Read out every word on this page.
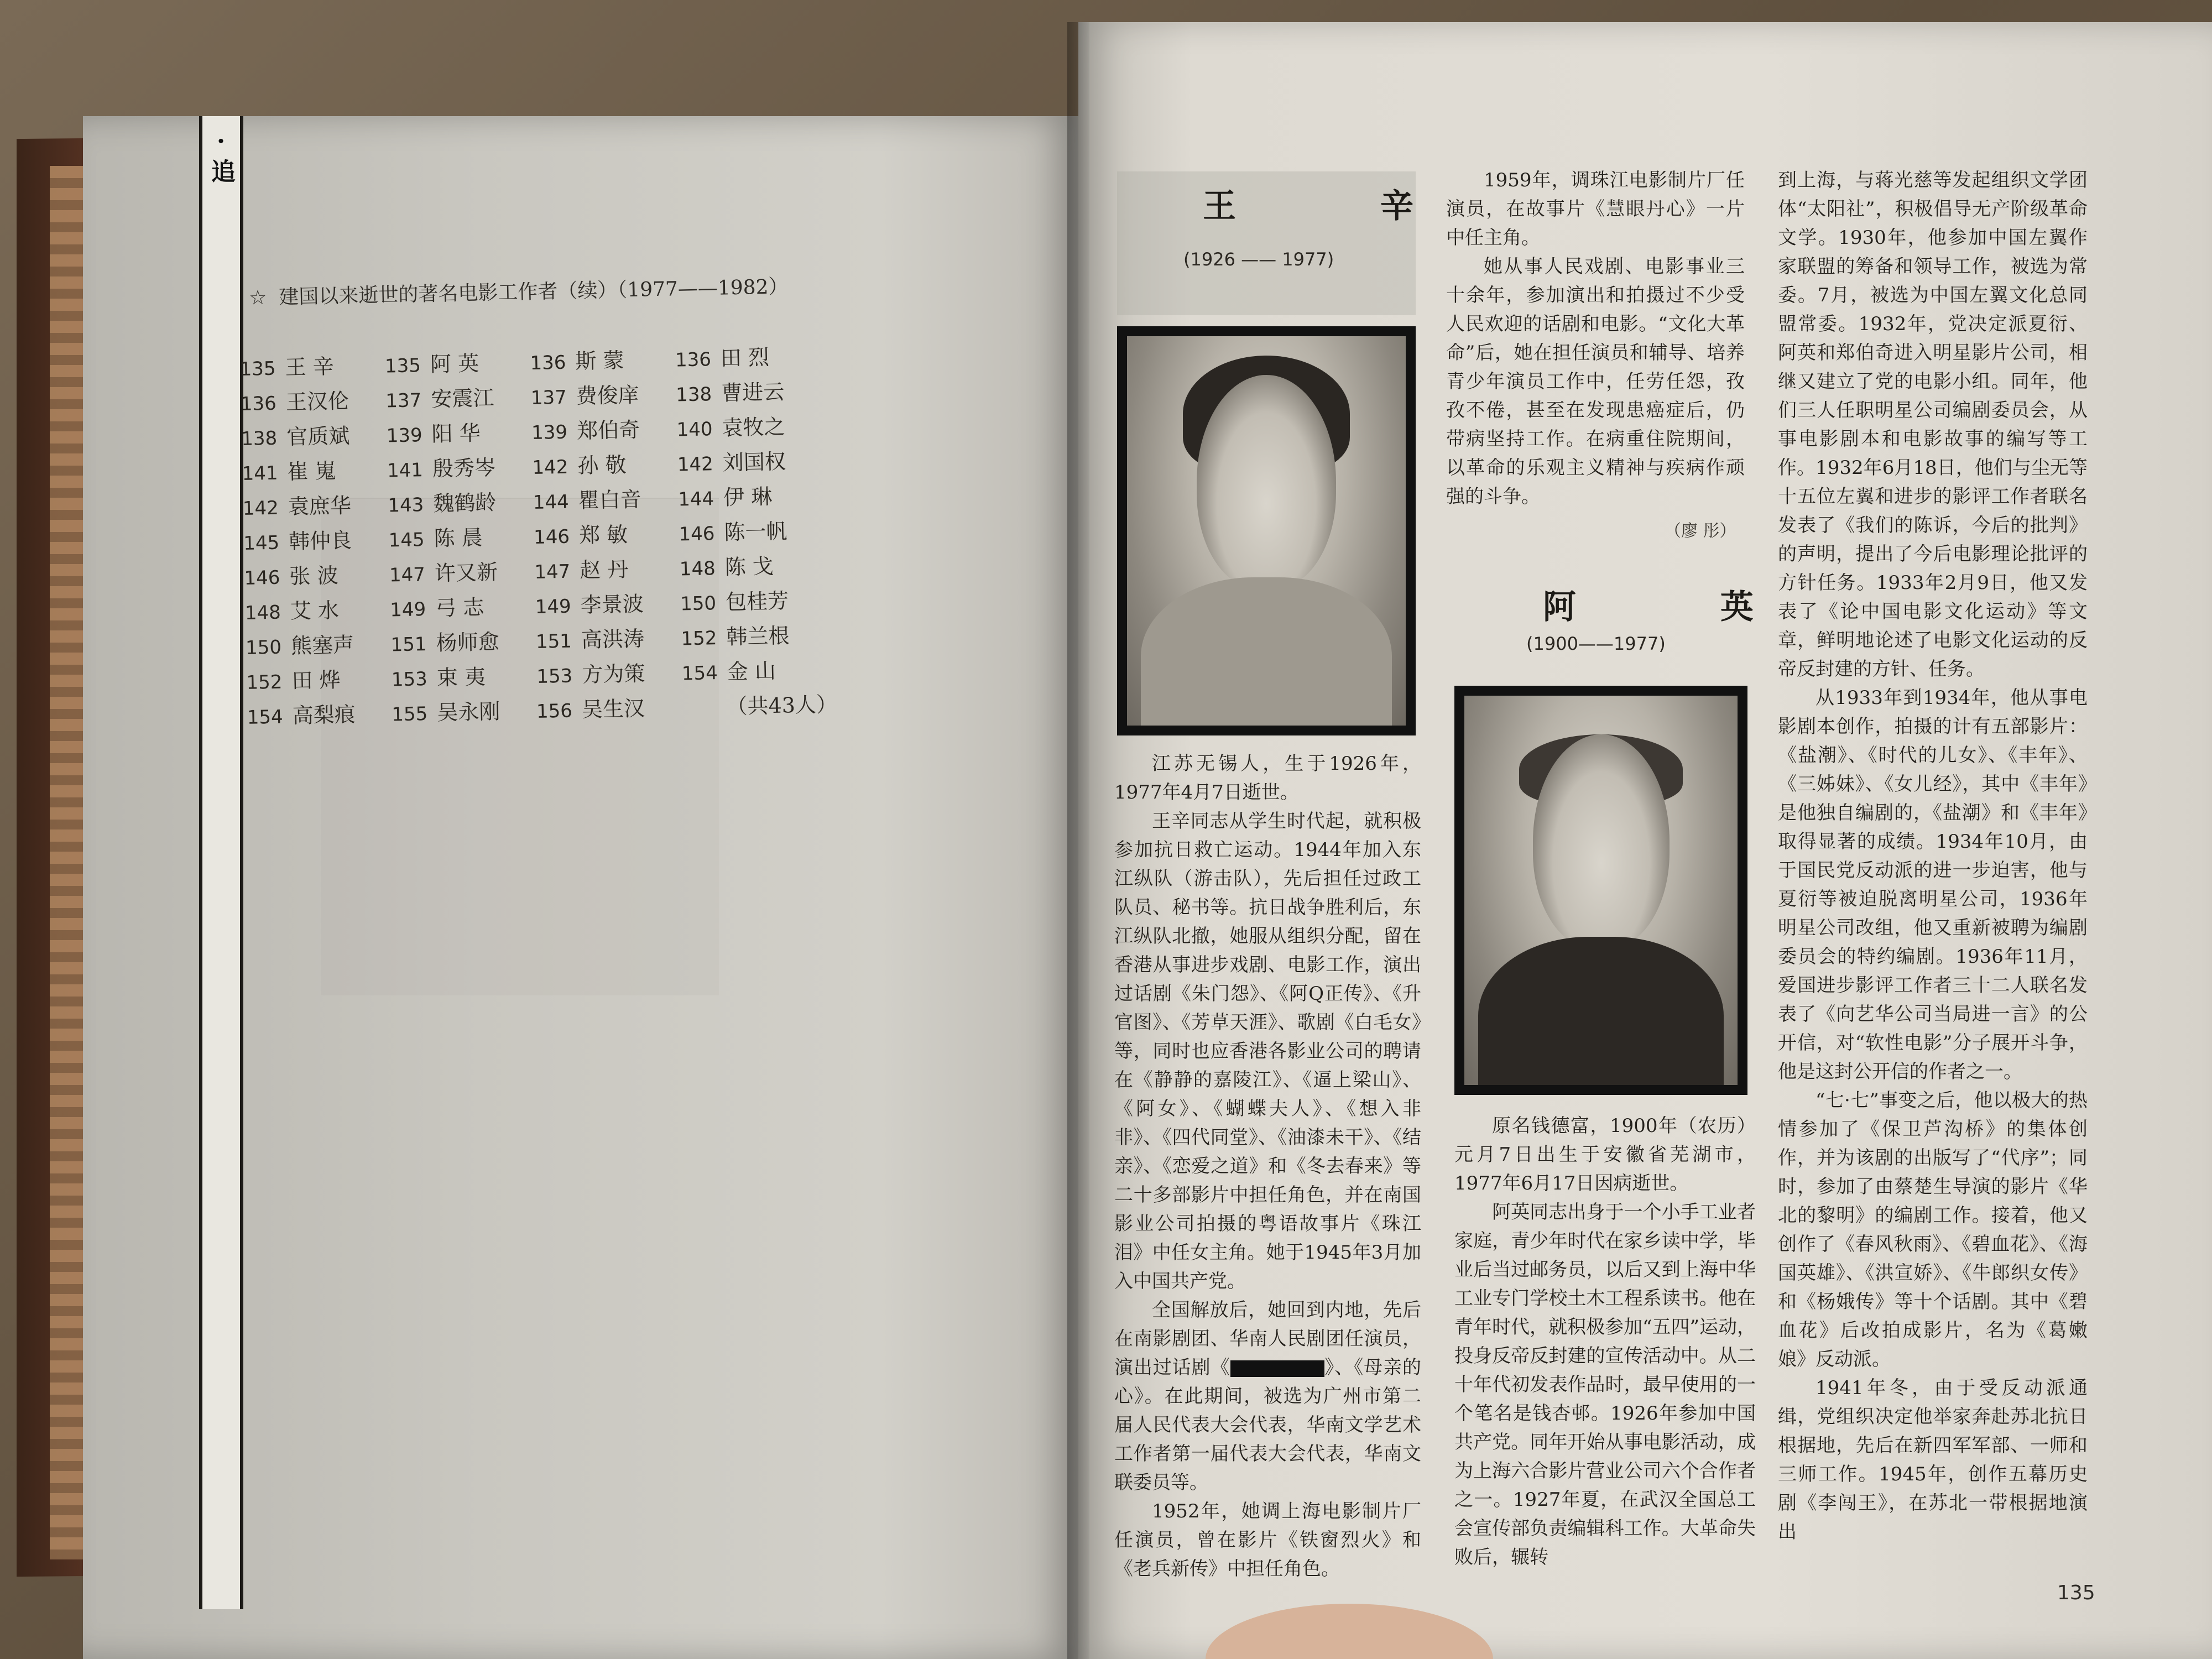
·追
☆ 建国以来逝世的著名电影工作者（续）（1977——1982）
135 王 辛	135 阿 英	136 斯 蒙	136 田 烈
136 王汉伦	137 安震江	137 费俊庠	138 曹进云
138 官质斌	139 阳 华	139 郑伯奇	140 袁牧之
141 崔 嵬	141 殷秀岑	142 孙 敬	142 刘国权
142 袁庶华	143 魏鹤龄	144 瞿白音	144 伊 琳
145 韩仲良	145 陈 晨	146 郑 敏	146 陈一帆
146 张 波	147 许又新	147 赵 丹	148 陈 戈
148 艾 水	149 弓 志	149 李景波	150 包桂芳
150 熊塞声	151 杨师愈	151 高洪涛	152 韩兰根
152 田 烨	153 束 夷	153 方为策	154 金 山
154 高梨痕	155 吴永刚	156 吴生汉	（共43人）
王 辛
(1926 —— 1977)

江苏无锡人，生于1926年，1977年4月7日逝世。

王辛同志从学生时代起，就积极参加抗日救亡运动。1944年加入东江纵队（游击队），先后担任过政工队员、秘书等。抗日战争胜利后，东江纵队北撤，她服从组织分配，留在香港从事进步戏剧、电影工作，演出过话剧《朱门怨》、《阿Q正传》、《升官图》、《芳草天涯》、歌剧《白毛女》等，同时也应香港各影业公司的聘请在《静静的嘉陵江》、《逼上梁山》、《阿女》、《蝴蝶夫人》、《想入非非》、《四代同堂》、《油漆未干》、《结亲》、《恋爱之道》和《冬去春来》等二十多部影片中担任角色，并在南国影业公司拍摄的粤语故事片《珠江泪》中任女主角。她于1945年3月加入中国共产党。

全国解放后，她回到内地，先后在南影剧团、华南人民剧团任演员，演出过话剧《	》、《母亲的心》。在此期间，被选为广州市第二届人民代表大会代表，华南文学艺术工作者第一届代表大会代表，华南文联委员等。

1952年，她调上海电影制片厂任演员，曾在影片《铁窗烈火》和《老兵新传》中担任角色。

1959年，调珠江电影制片厂任演员，在故事片《慧眼丹心》一片中任主角。

她从事人民戏剧、电影事业三十余年，参加演出和拍摄过不少受人民欢迎的话剧和电影。“文化大革命”后，她在担任演员和辅导、培养青少年演员工作中，任劳任怨，孜孜不倦，甚至在发现患癌症后，仍带病坚持工作。在病重住院期间，以革命的乐观主义精神与疾病作顽强的斗争。

（廖 彤）
阿 英
(1900——1977)

原名钱德富，1900年（农历）元月7日出生于安徽省芜湖市，1977年6月17日因病逝世。

阿英同志出身于一个小手工业者家庭，青少年时代在家乡读中学，毕业后当过邮务员，以后又到上海中华工业专门学校土木工程系读书。他在青年时代，就积极参加“五四”运动，投身反帝反封建的宣传活动中。从二十年代初发表作品时，最早使用的一个笔名是钱杏邨。1926年参加中国共产党。同年开始从事电影活动，成为上海六合影片营业公司六个合作者之一。1927年夏，在武汉全国总工会宣传部负责编辑科工作。大革命失败后，辗转

到上海，与蒋光慈等发起组织文学团体“太阳社”，积极倡导无产阶级革命文学。1930年，他参加中国左翼作家联盟的筹备和领导工作，被选为常委。7月，被选为中国左翼文化总同盟常委。1932年，党决定派夏衍、阿英和郑伯奇进入明星影片公司，相继又建立了党的电影小组。同年，他们三人任职明星公司编剧委员会，从事电影剧本和电影故事的编写等工作。1932年6月18日，他们与尘无等十五位左翼和进步的影评工作者联名发表了《我们的陈诉，今后的批判》的声明，提出了今后电影理论批评的方针任务。1933年2月9日，他又发表了《论中国电影文化运动》等文章，鲜明地论述了电影文化运动的反帝反封建的方针、任务。

从1933年到1934年，他从事电影剧本创作，拍摄的计有五部影片：《盐潮》、《时代的儿女》、《丰年》、《三姊妹》、《女儿经》，其中《丰年》是他独自编剧的，《盐潮》和《丰年》取得显著的成绩。1934年10月，由于国民党反动派的进一步迫害，他与夏衍等被迫脱离明星公司，1936年明星公司改组，他又重新被聘为编剧委员会的特约编剧。1936年11月，爱国进步影评工作者三十二人联名发表了《向艺华公司当局进一言》的公开信，对“软性电影”分子展开斗争，他是这封公开信的作者之一。

“七·七”事变之后，他以极大的热情参加了《保卫芦沟桥》的集体创作，并为该剧的出版写了“代序”；同时，参加了由蔡楚生导演的影片《华北的黎明》的编剧工作。接着，他又创作了《春风秋雨》、《碧血花》、《海国英雄》、《洪宣娇》、《牛郎织女传》和《杨娥传》等十个话剧。其中《碧血花》后改拍成影片，名为《葛嫩娘》反动派。

1941年冬，由于受反动派通缉，党组织决定他举家奔赴苏北抗日根据地，先后在新四军军部、一师和三师工作。1945年，创作五幕历史剧《李闯王》，在苏北一带根据地演出

135
